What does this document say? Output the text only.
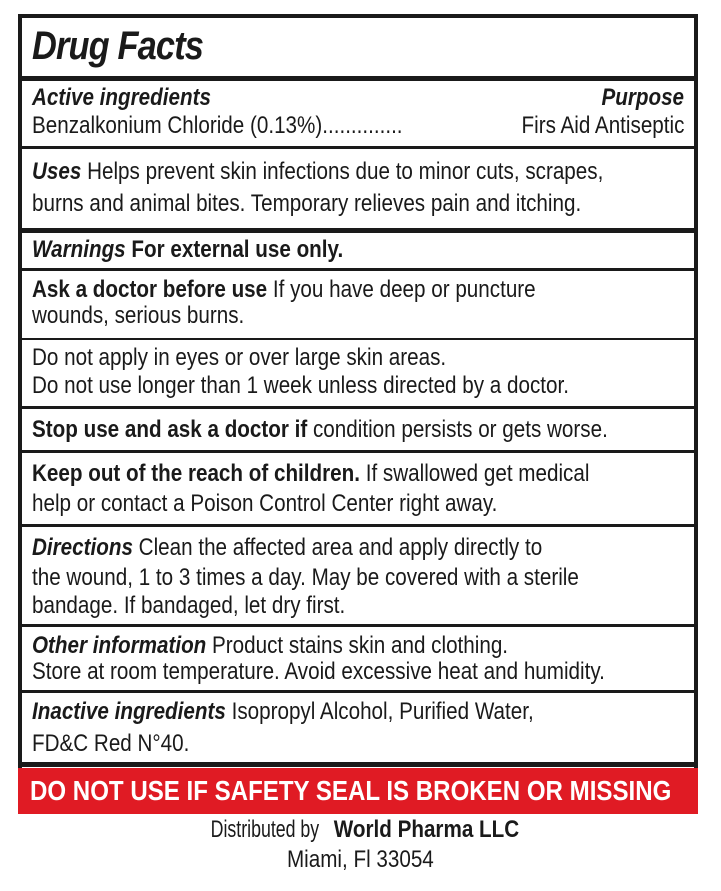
Drug Facts
Active ingredients	Purpose
Benzalkonium Chloride (0.13%)..............	Firs Aid Antiseptic
Uses Helps prevent skin infections due to minor cuts, scrapes,
burns and animal bites. Temporary relieves pain and itching.
Warnings For external use only.
Ask a doctor before use If you have deep or puncture
wounds, serious burns.
Do not apply in eyes or over large skin areas.
Do not use longer than 1 week unless directed by a doctor.
Stop use and ask a doctor if condition persists or gets worse.
Keep out of the reach of children. If swallowed get medical
help or contact a Poison Control Center right away.
Directions Clean the affected area and apply directly to
the wound, 1 to 3 times a day. May be covered with a sterile
bandage. If bandaged, let dry first.
Other information Product stains skin and clothing.
Store at room temperature. Avoid excessive heat and humidity.
Inactive ingredients Isopropyl Alcohol, Purified Water,
FD&C Red N°40.
DO NOT USE IF SAFETY SEAL IS BROKEN OR MISSING
Distributed by World Pharma LLC
Miami, Fl 33054
